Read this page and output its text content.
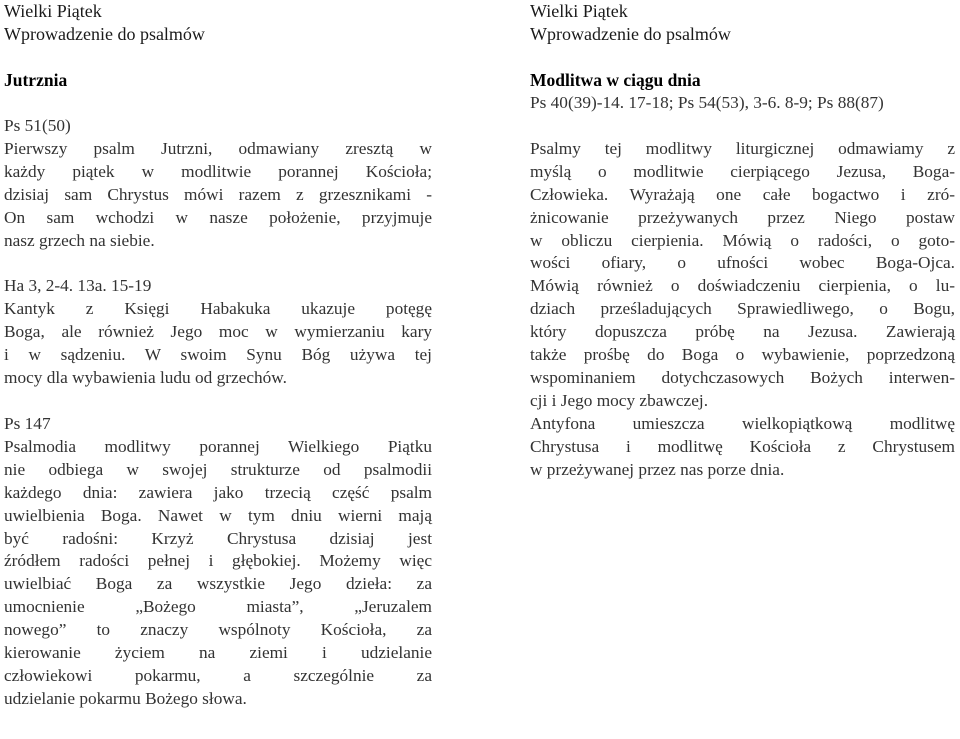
Wielki Piątek
Wprowadzenie do psalmów
Jutrznia
Ps 51(50)
Pierwszy psalm Jutrzni, odmawiany zresztą w
każdy piątek w modlitwie porannej Kościoła;
dzisiaj sam Chrystus mówi razem z grzesznikami -
On sam wchodzi w nasze położenie, przyjmuje
nasz grzech na siebie.
Ha 3, 2-4. 13a. 15-19
Kantyk z Księgi Habakuka ukazuje potęgę
Boga, ale również Jego moc w wymierzaniu kary
i w sądzeniu. W swoim Synu Bóg używa tej
mocy dla wybawienia ludu od grzechów.
Ps 147
Psalmodia modlitwy porannej Wielkiego Piątku
nie odbiega w swojej strukturze od psalmodii
każdego dnia: zawiera jako trzecią część psalm
uwielbienia Boga. Nawet w tym dniu wierni mają
być radośni: Krzyż Chrystusa dzisiaj jest
źródłem radości pełnej i głębokiej. Możemy więc
uwielbiać Boga za wszystkie Jego dzieła: za
umocnienie „Bożego miasta”, „Jeruzalem
nowego” to znaczy wspólnoty Kościoła, za
kierowanie życiem na ziemi i udzielanie
człowiekowi pokarmu, a szczególnie za
udzielanie pokarmu Bożego słowa.
Wielki Piątek
Wprowadzenie do psalmów
Modlitwa w ciągu dnia
Ps 40(39)-14. 17-18; Ps 54(53), 3-6. 8-9; Ps 88(87)
Psalmy tej modlitwy liturgicznej odmawiamy z
myślą o modlitwie cierpiącego Jezusa, Boga-
Człowieka. Wyrażają one całe bogactwo i zró-
żnicowanie przeżywanych przez Niego postaw
w obliczu cierpienia. Mówią o radości, o goto-
wości ofiary, o ufności wobec Boga-Ojca.
Mówią również o doświadczeniu cierpienia, o lu-
dziach prześladujących Sprawiedliwego, o Bogu,
który dopuszcza próbę na Jezusa. Zawierają
także prośbę do Boga o wybawienie, poprzedzoną
wspominaniem dotychczasowych Bożych interwen-
cji i Jego mocy zbawczej.
Antyfona umieszcza wielkopiątkową modlitwę
Chrystusa i modlitwę Kościoła z Chrystusem
w przeżywanej przez nas porze dnia.
